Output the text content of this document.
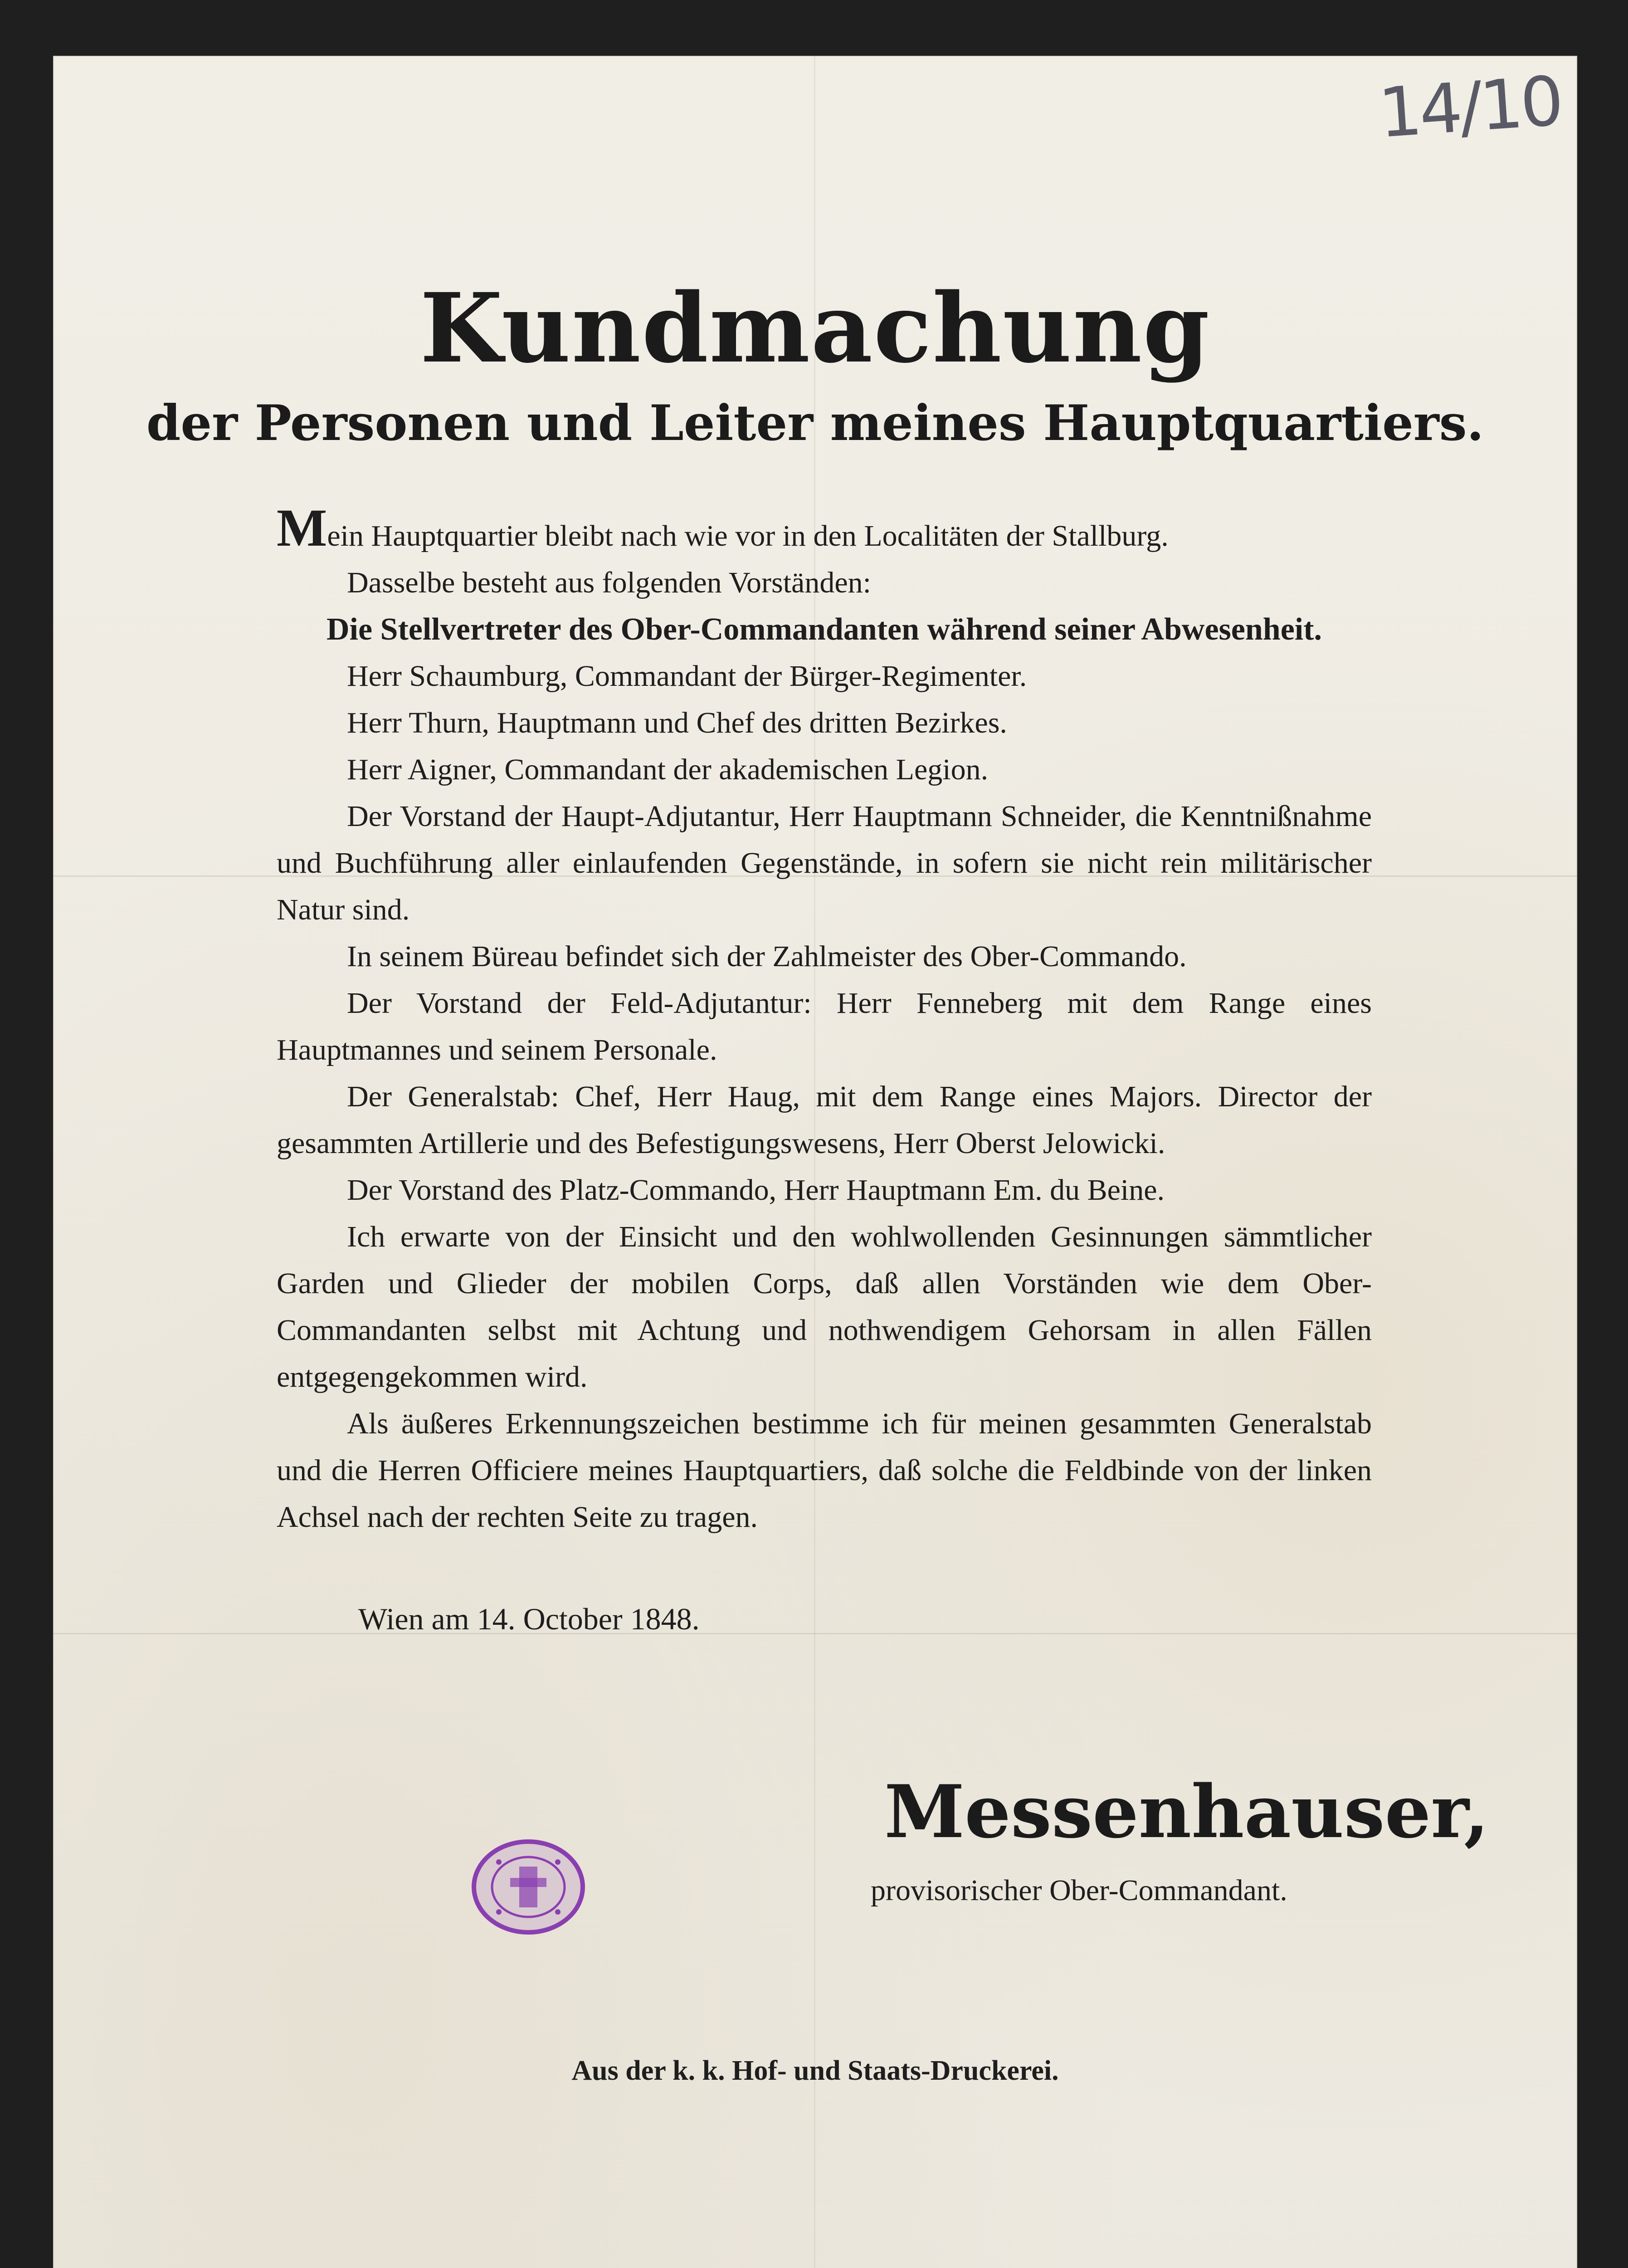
14/10
Kundmachung
der Personen und Leiter meines Hauptquartiers.

Mein Hauptquartier bleibt nach wie vor in den Localitäten der Stallburg.

Dasselbe besteht aus folgenden Vorständen:

Die Stellvertreter des Ober-Commandanten während seiner Abwesenheit.

Herr Schaumburg, Commandant der Bürger-Regimenter.

Herr Thurn, Hauptmann und Chef des dritten Bezirkes.

Herr Aigner, Commandant der akademischen Legion.

Der Vorstand der Haupt-Adjutantur, Herr Hauptmann Schneider, die Kenntnißnahme und Buchführung aller einlaufenden Gegenstände, in sofern sie nicht rein militärischer Natur sind.

In seinem Büreau befindet sich der Zahlmeister des Ober-Commando.

Der Vorstand der Feld-Adjutantur: Herr Fenneberg mit dem Range eines Hauptmannes und seinem Personale.

Der Generalstab: Chef, Herr Haug, mit dem Range eines Majors. Director der gesammten Artillerie und des Befestigungswesens, Herr Oberst Jelowicki.

Der Vorstand des Platz-Commando, Herr Hauptmann Em. du Beine.

Ich erwarte von der Einsicht und den wohlwollenden Gesinnungen sämmtlicher Garden und Glieder der mobilen Corps, daß allen Vorständen wie dem Ober-Commandanten selbst mit Achtung und nothwendigem Gehorsam in allen Fällen entgegengekommen wird.

Als äußeres Erkennungszeichen bestimme ich für meinen gesammten Generalstab und die Herren Officiere meines Hauptquartiers, daß solche die Feldbinde von der linken Achsel nach der rechten Seite zu tragen.

Wien am 14. October 1848.
Messenhauser,
provisorischer Ober-Commandant.
Aus der k. k. Hof- und Staats-Druckerei.
